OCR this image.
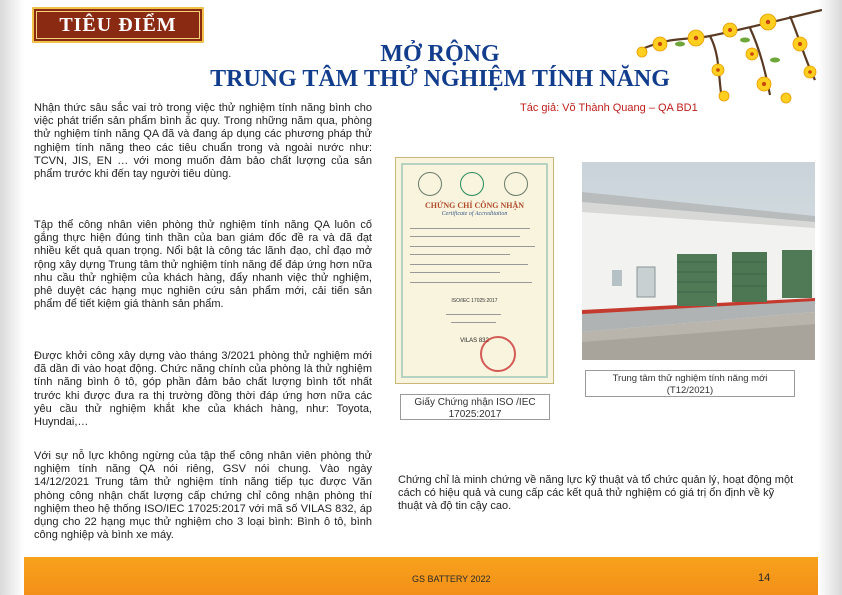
TIÊU ĐIỂM
MỞ RỘNG
TRUNG TÂM THỬ NGHIỆM TÍNH NĂNG
Tác giả: Võ Thành Quang – QA BD1
Nhận thức sâu sắc vai trò trong việc thử nghiệm tính năng bình cho việc phát triển sản phẩm bình ắc quy. Trong những năm qua, phòng thử nghiệm tính năng QA đã và đang áp dụng các phương pháp thử nghiệm tính năng theo các tiêu chuẩn trong và ngoài nước như: TCVN, JIS, EN … với mong muốn đảm bảo chất lượng của sản phẩm trước khi đến tay người tiêu dùng.
Tập thể công nhân viên phòng thử nghiệm tính năng QA luôn cố gắng thực hiện đúng tinh thần của ban giám đốc đề ra và đã đạt nhiều kết quả quan trọng. Nổi bật là công tác lãnh đạo, chỉ đạo mở rộng xây dựng Trung tâm thử nghiệm tính năng để đáp ứng hơn nữa nhu cầu thử nghiệm của khách hàng, đẩy nhanh việc thử nghiệm, phê duyệt các hạng mục nghiên cứu sản phẩm mới, cải tiến sản phẩm để tiết kiệm giá thành sản phẩm.
Được khởi công xây dựng vào tháng 3/2021 phòng thử nghiệm mới đã dần đi vào hoạt động. Chức năng chính của phòng là thử nghiệm tính năng bình ô tô, góp phần đảm bảo chất lượng bình tốt nhất trước khi được đưa ra thị trường đồng thời đáp ứng hơn nữa các yêu cầu thử nghiệm khắt khe của khách hàng, như: Toyota, Huyndai,…
Với sự nỗ lực không ngừng của tập thể công nhân viên phòng thử nghiệm tính năng QA nói riêng, GSV nói chung. Vào ngày 14/12/2021 Trung tâm thử nghiệm tính năng tiếp tục được Văn phòng công nhận chất lượng cấp chứng chỉ công nhận phòng thí nghiệm theo hệ thống ISO/IEC 17025:2017 với mã số VILAS 832, áp dụng cho 22 hạng mục thử nghiệm cho 3 loại bình: Bình ô tô, bình công nghiệp và bình xe máy.
Chứng chỉ là minh chứng về năng lực kỹ thuật và tổ chức quản lý, hoạt động một cách có hiệu quả và cung cấp các kết quả thử nghiệm có giá trị ổn định về kỹ thuật và độ tin cậy cao.
CHỨNG CHỈ CÔNG NHẬN
Certificate of Accreditation
ISO/IEC 17025:2017
VILAS 832
Giấy Chứng nhận ISO /IEC
17025:2017
Trung tâm thử nghiệm tính năng mới
(T12/2021)
GS BATTERY 2022	14
